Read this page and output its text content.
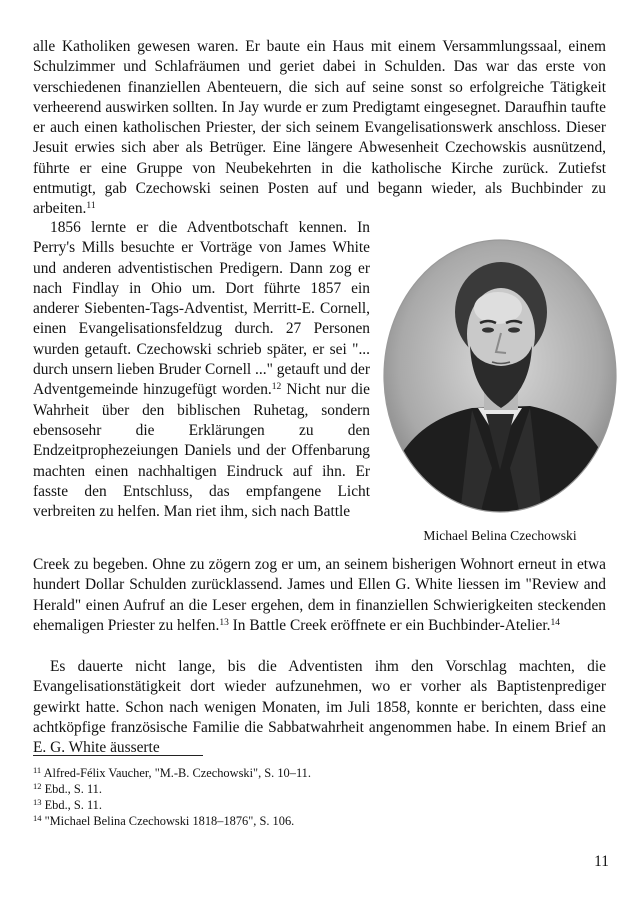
alle Katholiken gewesen waren. Er baute ein Haus mit einem Versammlungssaal, einem Schulzimmer und Schlafräumen und geriet dabei in Schulden. Das war das erste von verschiedenen finanziellen Abenteuern, die sich auf seine sonst so erfolgreiche Tätigkeit verheerend auswirken sollten. In Jay wurde er zum Predigtamt eingesegnet. Daraufhin taufte er auch einen katholischen Priester, der sich seinem Evangelisationswerk anschloss. Dieser Jesuit erwies sich aber als Betrüger. Eine längere Abwesenheit Czechowskis ausnützend, führte er eine Gruppe von Neubekehrten in die katholische Kirche zurück. Zutiefst entmutigt, gab Czechowski seinen Posten auf und begann wieder, als Buchbinder zu arbeiten.$^{11}$

1856 lernte er die Adventbotschaft kennen. In Perry's Mills besuchte er Vorträge von James White und anderen adventistischen Predigern. Dann zog er nach Findlay in Ohio um. Dort führte 1857 ein anderer Siebenten-Tags-Adventist, Merritt-E. Cornell, einen Evangelisationsfeldzug durch. 27 Personen wurden getauft. Czechowski schrieb später, er sei "... durch unsern lieben Bruder Cornell ..." getauft und der Adventgemeinde hinzugefügt worden.$^{12}$ Nicht nur die Wahrheit über den biblischen Ruhetag, sondern ebensosehr die Erklärungen zu den Endzeitprophezeiungen Daniels und der Offenbarung machten einen nachhaltigen Eindruck auf ihn. Er fasste den Entschluss, das empfangene Licht verbreiten zu helfen. Man riet ihm, sich nach Battle

Michael Belina Czechowski

Creek zu begeben. Ohne zu zögern zog er um, an seinem bisherigen Wohnort erneut in etwa hundert Dollar Schulden zurücklassend. James und Ellen G. White liessen im "Review and Herald" einen Aufruf an die Leser ergehen, dem in finanziellen Schwierigkeiten steckenden ehemaligen Priester zu helfen.$^{13}$ In Battle Creek eröffnete er ein Buchbinder-Atelier.$^{14}$

Es dauerte nicht lange, bis die Adventisten ihm den Vorschlag machten, die Evangelisationstätigkeit dort wieder aufzunehmen, wo er vorher als Baptistenprediger gewirkt hatte. Schon nach wenigen Monaten, im Juli 1858, konnte er berichten, dass eine achtköpfige französische Familie die Sabbatwahrheit angenommen habe. In einem Brief an E. G. White äusserte

$^{11}$ Alfred-Félix Vaucher, "M.-B. Czechowski", S. 10–11.

$^{12}$ Ebd., S. 11.

$^{13}$ Ebd., S. 11.

$^{14}$ "Michael Belina Czechowski 1818–1876", S. 106.

11
